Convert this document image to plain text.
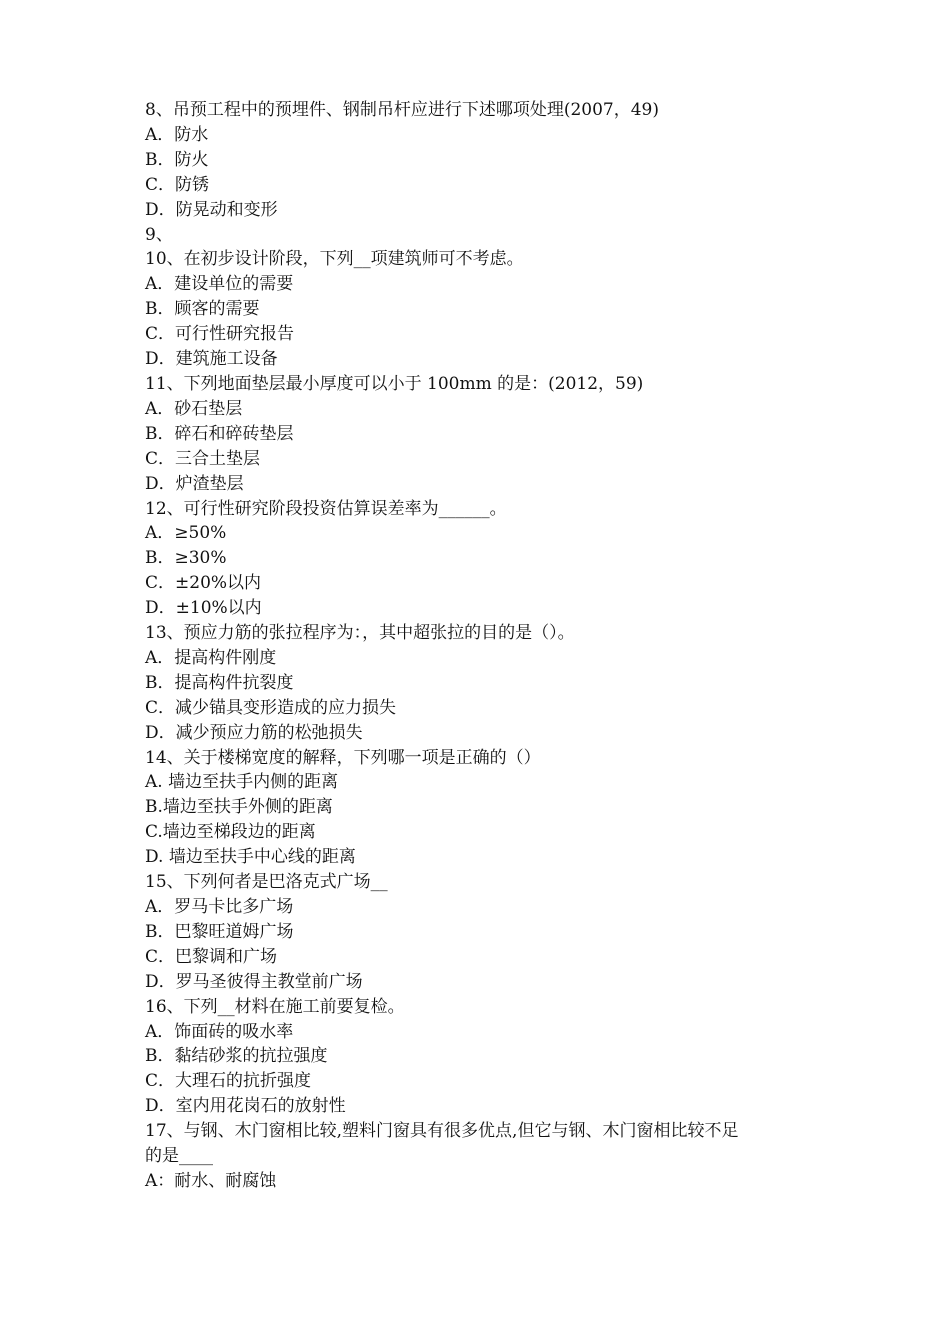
8、吊预工程中的预埋件、钢制吊杆应进行下述哪项处理(2007，49)
A．防水
B．防火
C．防锈
D．防晃动和变形
9、
10、在初步设计阶段，下列__项建筑师可不考虑。
A．建设单位的需要
B．顾客的需要
C．可行性研究报告
D．建筑施工设备
11、下列地面垫层最小厚度可以小于 100mm 的是：(2012，59)
A．砂石垫层
B．碎石和碎砖垫层
C．三合土垫层
D．炉渣垫层
12、可行性研究阶段投资估算误差率为______。
A．≥50%
B．≥30%
C．±20%以内
D．±10%以内
13、预应力筋的张拉程序为：，其中超张拉的目的是（）。
A．提高构件刚度
B．提高构件抗裂度
C．减少锚具变形造成的应力损失
D．减少预应力筋的松弛损失
14、关于楼梯宽度的解释，下列哪一项是正确的（）
A. 墙边至扶手内侧的距离
B.墙边至扶手外侧的距离
C.墙边至梯段边的距离
D. 墙边至扶手中心线的距离
15、下列何者是巴洛克式广场__
A．罗马卡比多广场
B．巴黎旺道姆广场
C．巴黎调和广场
D．罗马圣彼得主教堂前广场
16、下列__材料在施工前要复检。
A．饰面砖的吸水率
B．黏结砂浆的抗拉强度
C．大理石的抗折强度
D．室内用花岗石的放射性
17、与钢、木门窗相比较,塑料门窗具有很多优点,但它与钢、木门窗相比较不足
的是____
A：耐水、耐腐蚀
